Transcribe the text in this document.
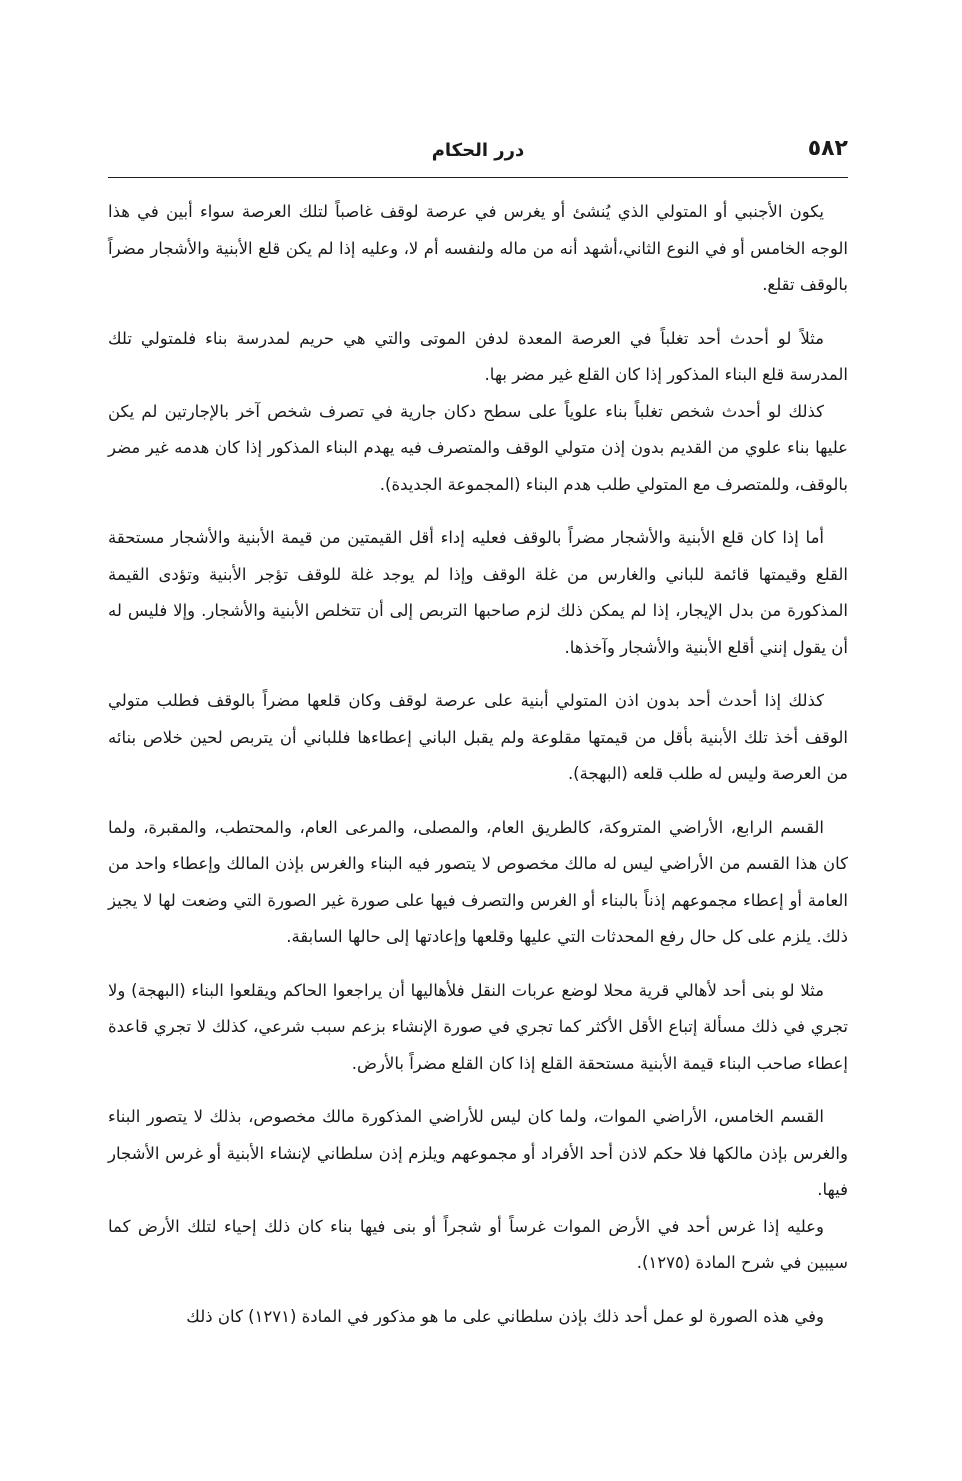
٥٨٢
درر الحكام

يكون الأجنبي أو المتولي الذي يُنشئ أو يغرس في عرصة لوقف غاصباً لتلك العرصة سواء أبين في هذا الوجه الخامس أو في النوع الثاني،أشهد أنه من ماله ولنفسه أم لا، وعليه إذا لم يكن قلع الأبنية والأشجار مضراً بالوقف تقلع.

مثلاً لو أحدث أحد تغلباً في العرصة المعدة لدفن الموتى والتي هي حريم لمدرسة بناء فلمتولي تلك المدرسة قلع البناء المذكور إذا كان القلع غير مضر بها.

كذلك لو أحدث شخص تغلباً بناء علوياً على سطح دكان جارية في تصرف شخص آخر بالإجارتين لم يكن عليها بناء علوي من القديم بدون إذن متولي الوقف والمتصرف فيه يهدم البناء المذكور إذا كان هدمه غير مضر بالوقف، وللمتصرف مع المتولي طلب هدم البناء (المجموعة الجديدة).

أما إذا كان قلع الأبنية والأشجار مضراً بالوقف فعليه إداء أقل القيمتين من قيمة الأبنية والأشجار مستحقة القلع وقيمتها قائمة للباني والغارس من غلة الوقف وإذا لم يوجد غلة للوقف تؤجر الأبنية وتؤدى القيمة المذكورة من بدل الإيجار، إذا لم يمكن ذلك لزم صاحبها التربص إلى أن تتخلص الأبنية والأشجار. وإلا فليس له أن يقول إنني أقلع الأبنية والأشجار وآخذها.

كذلك إذا أحدث أحد بدون اذن المتولي أبنية على عرصة لوقف وكان قلعها مضراً بالوقف فطلب متولي الوقف أخذ تلك الأبنية بأقل من قيمتها مقلوعة ولم يقبل الباني إعطاءها فللباني أن يتربص لحين خلاص بنائه من العرصة وليس له طلب قلعه (البهجة).

القسم الرابع، الأراضي المتروكة، كالطريق العام، والمصلى، والمرعى العام، والمحتطب، والمقبرة، ولما كان هذا القسم من الأراضي ليس له مالك مخصوص لا يتصور فيه البناء والغرس بإذن المالك وإعطاء واحد من العامة أو إعطاء مجموعهم إذناً بالبناء أو الغرس والتصرف فيها على صورة غير الصورة التي وضعت لها لا يجيز ذلك. يلزم على كل حال رفع المحدثات التي عليها وقلعها وإعادتها إلى حالها السابقة.

مثلا لو بنى أحد لأهالي قرية محلا لوضع عربات النقل فلأهاليها أن يراجعوا الحاكم ويقلعوا البناء (البهجة) ولا تجري في ذلك مسألة إتباع الأقل الأكثر كما تجري في صورة الإنشاء بزعم سبب شرعي، كذلك لا تجري قاعدة إعطاء صاحب البناء قيمة الأبنية مستحقة القلع إذا كان القلع مضراً بالأرض.

القسم الخامس، الأراضي الموات، ولما كان ليس للأراضي المذكورة مالك مخصوص، بذلك لا يتصور البناء والغرس بإذن مالكها فلا حكم لاذن أحد الأفراد أو مجموعهم ويلزم إذن سلطاني لإنشاء الأبنية أو غرس الأشجار فيها.

وعليه إذا غرس أحد في الأرض الموات غرساً أو شجراً أو بنى فيها بناء كان ذلك إحياء لتلك الأرض كما سيبين في شرح المادة (١٢٧٥).

وفي هذه الصورة لو عمل أحد ذلك بإذن سلطاني على ما هو مذكور في المادة (١٢٧١) كان ذلك
